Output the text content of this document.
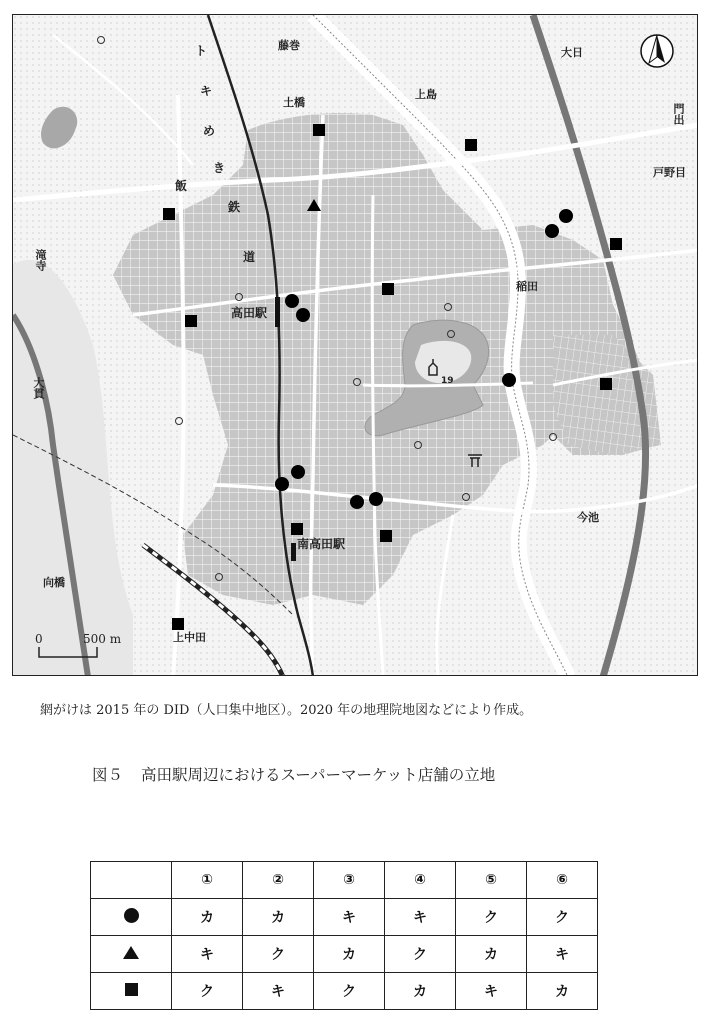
藤巻
土橋
上島
大日
門出
戸野目
滝寺
高田駅
稲田
大貫
今池
南高田駅
向橋
上中田
19
ト
キ
め
き
鉄
道
飯
0	500 m
網がけは 2015 年の DID（人口集中地区）。2020 年の地理院地図などにより作成。
図５ 高田駅周辺におけるスーパーマーケット店舗の立地
	①	②	③	④	⑤	⑥
	カ	カ	キ	キ	ク	ク
	キ	ク	カ	ク	カ	キ
	ク	キ	ク	カ	キ	カ
